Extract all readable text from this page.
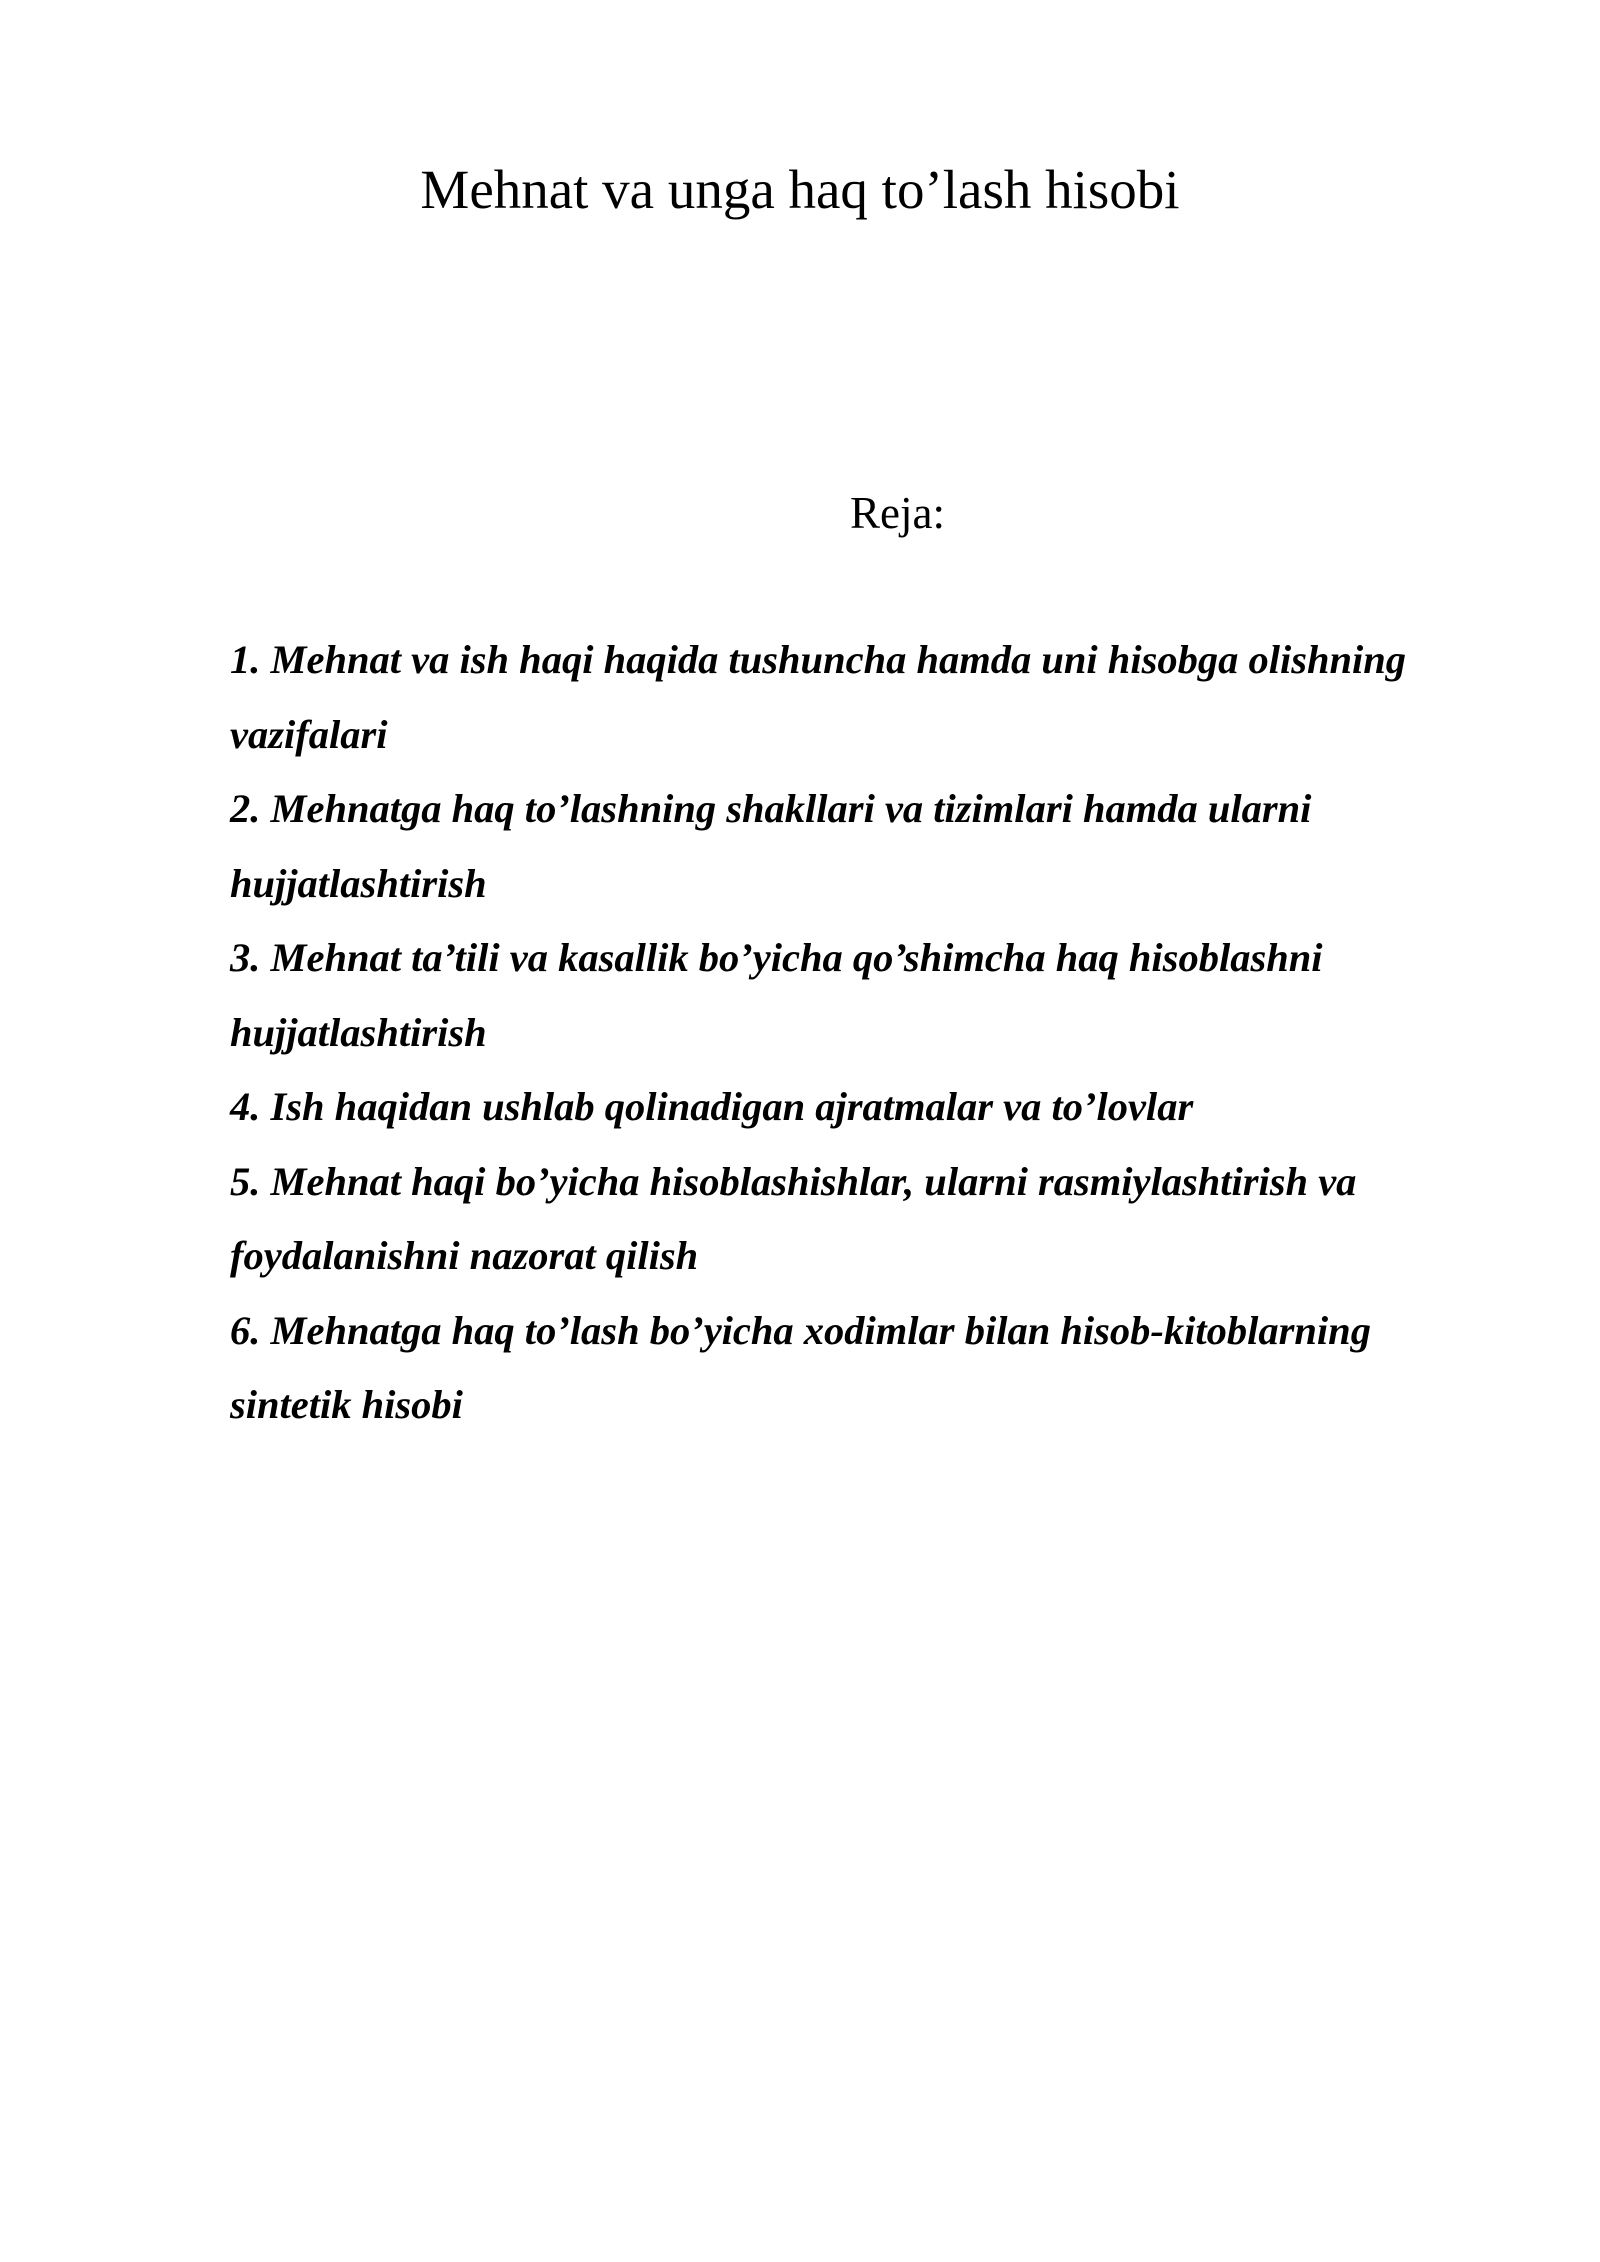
Mehnat va unga haq to’lash hisobi
Reja:
1. Mehnat va ish haqi haqida tushuncha hamda uni hisobga olishning
vazifalari
2. Mehnatga haq to’lashning shakllari va tizimlari hamda ularni
hujjatlashtirish
3. Mehnat ta’tili va kasallik bo’yicha qo’shimcha haq hisoblashni
hujjatlashtirish
4. Ish haqidan ushlab qolinadigan ajratmalar va to’lovlar
5. Mehnat haqi bo’yicha hisoblashishlar, ularni rasmiylashtirish va
foydalanishni nazorat qilish
6. Mehnatga haq to’lash bo’yicha xodimlar bilan hisob-kitoblarning
sintetik hisobi
